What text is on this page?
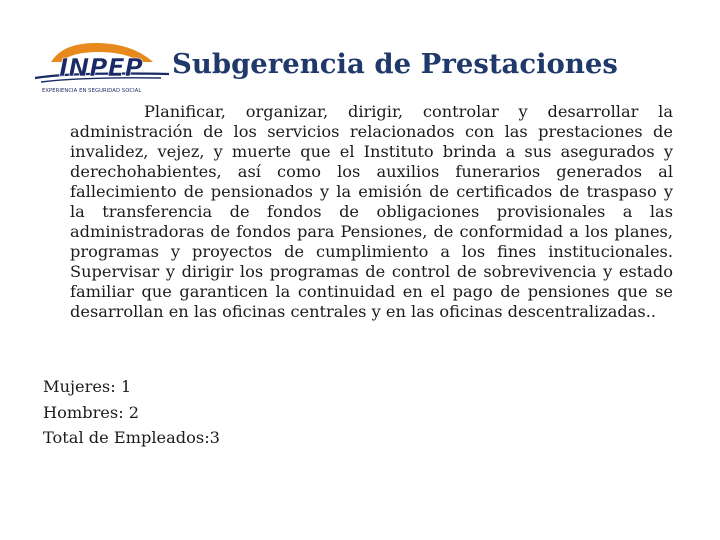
INPEP
EXPERIENCIA EN SEGURIDAD SOCIAL
Subgerencia de Prestaciones

Planificar, organizar, dirigir, controlar y desarrollar la administración de los servicios relacionados con las prestaciones de invalidez, vejez, y muerte que el Instituto brinda a sus asegurados y derechohabientes, así como los auxilios funerarios generados al fallecimiento de pensionados y la emisión de certificados de traspaso y la transferencia de fondos de obligaciones provisionales a las administradoras de fondos para Pensiones, de conformidad a los planes, programas y proyectos de cumplimiento a los fines institucionales. Supervisar y dirigir los programas de control de sobrevivencia y estado familiar que garanticen la continuidad en el pago de pensiones que se desarrollan en las oficinas centrales y en las oficinas descentralizadas..

Mujeres: 1
Hombres: 2
Total de Empleados:3
